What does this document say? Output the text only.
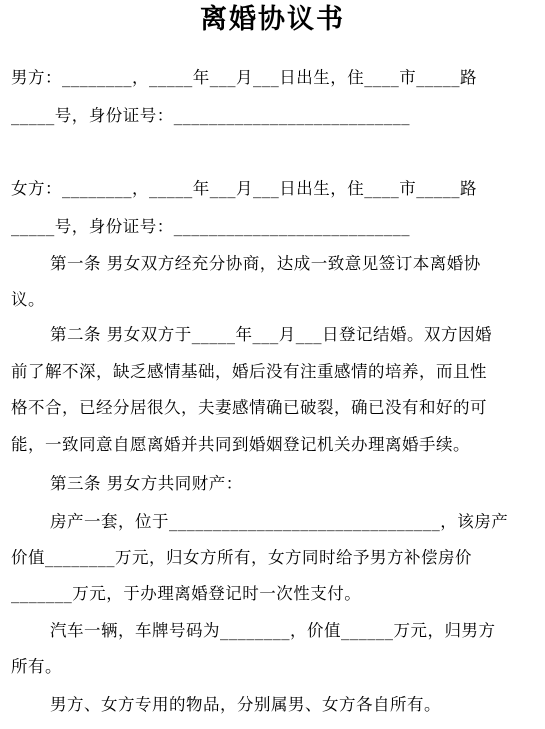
离婚协议书
男方：________，_____年___月___日出生，住____市_____路
_____号，身份证号：___________________________
女方：________，_____年___月___日出生，住____市_____路
_____号，身份证号：___________________________
第一条 男女双方经充分协商，达成一致意见签订本离婚协
议。
第二条 男女双方于_____年___月___日登记结婚。双方因婚
前了解不深，缺乏感情基础，婚后没有注重感情的培养，而且性
格不合，已经分居很久，夫妻感情确已破裂，确已没有和好的可
能，一致同意自愿离婚并共同到婚姻登记机关办理离婚手续。
第三条 男女方共同财产：
房产一套，位于_______________________________，该房产
价值________万元，归女方所有，女方同时给予男方补偿房价
_______万元，于办理离婚登记时一次性支付。
汽车一辆，车牌号码为________，价值______万元，归男方
所有。
男方、女方专用的物品，分别属男、女方各自所有。
